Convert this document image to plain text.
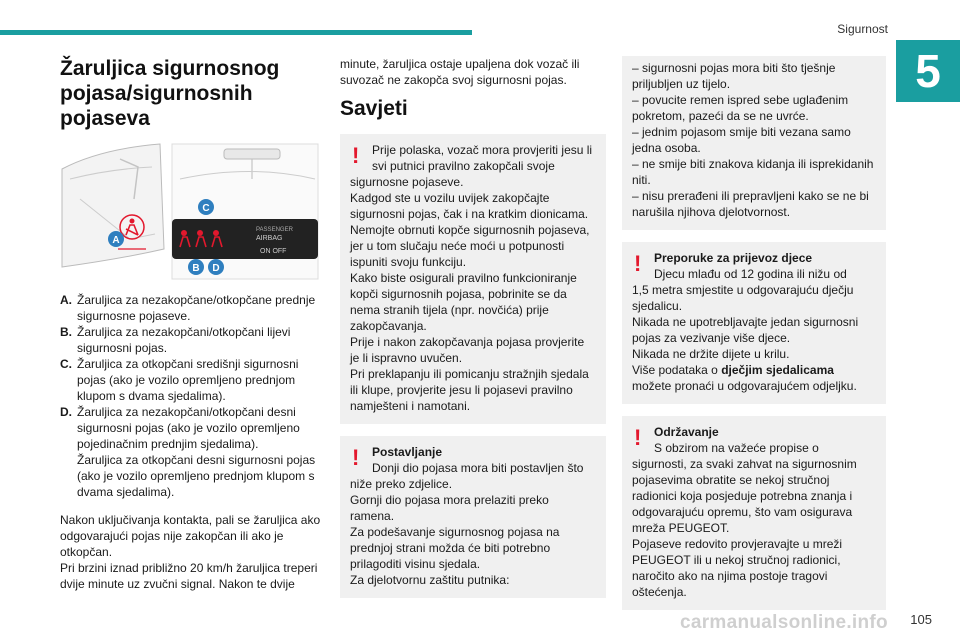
Sigurnost
5
Žaruljica sigurnosnog pojasa/sigurnosnih pojaseva
PASSENGER
AIRBAG
ON OFF
A
B
C
D
A. Žaruljica za nezakopčane/otkopčane prednje sigurnosne pojaseve.
B. Žaruljica za nezakopčani/otkopčani lijevi sigurnosni pojas.
C. Žaruljica za otkopčani središnji sigurnosni pojas (ako je vozilo opremljeno prednjom klupom s dvama sjedalima).
D. Žaruljica za nezakopčani/otkopčani desni sigurnosni pojas (ako je vozilo opremljeno pojedinačnim prednjim sjedalima).
Žaruljica za otkopčani desni sigurnosni pojas (ako je vozilo opremljeno prednjom klupom s dvama sjedalima).

Nakon uključivanja kontakta, pali se žaruljica ako odgovarajući pojas nije zakopčan ili ako je otkopčan.
Pri brzini iznad približno 20 km/h žaruljica treperi dvije minute uz zvučni signal. Nakon te dvije

minute, žaruljica ostaje upaljena dok vozač ili suvozač ne zakopča svoj sigurnosni pojas.

Savjeti
!	Prije polaska, vozač mora provjeriti jesu li svi putnici pravilno zakopčali svoje
sigurnosne pojaseve.
Kadgod ste u vozilu uvijek zakopčajte sigurnosni pojas, čak i na kratkim dionicama.
Nemojte obrnuti kopče sigurnosnih pojaseva, jer u tom slučaju neće moći u potpunosti ispuniti svoju funkciju.
Kako biste osigurali pravilno funkcioniranje kopči sigurnosnih pojasa, pobrinite se da nema stranih tijela (npr. novčića) prije zakopčavanja.
Prije i nakon zakopčavanja pojasa provjerite je li ispravno uvučen.
Pri preklapanju ili pomicanju stražnjih sjedala ili klupe, provjerite jesu li pojasevi pravilno namješteni i namotani.
!	Postavljanje
Donji dio pojasa mora biti postavljen što
niže preko zdjelice.
Gornji dio pojasa mora prelaziti preko ramena.
Za podešavanje sigurnosnog pojasa na prednjoj strani možda će biti potrebno prilagoditi visinu sjedala.
Za djelotvornu zaštitu putnika:
– sigurnosni pojas mora biti što tješnje priljubljen uz tijelo.
– povucite remen ispred sebe uglađenim pokretom, pazeći da se ne uvrće.
– jednim pojasom smije biti vezana samo jedna osoba.
– ne smije biti znakova kidanja ili isprekidanih niti.
– nisu prerađeni ili prepravljeni kako se ne bi narušila njihova djelotvornost.
!	Preporuke za prijevoz djece
Djecu mlađu od 12 godina ili nižu od
1,5 metra smjestite u odgovarajuću dječju sjedalicu.
Nikada ne upotrebljavajte jedan sigurnosni pojas za vezivanje više djece.
Nikada ne držite dijete u krilu.
Više podataka o dječjim sjedalicama možete pronaći u odgovarajućem odjeljku.
!	Održavanje
S obzirom na važeće propise o
sigurnosti, za svaki zahvat na sigurnosnim pojasevima obratite se nekoj stručnoj radionici koja posjeduje potrebna znanja i odgovarajuću opremu, što vam osigurava mreža PEUGEOT.
Pojaseve redovito provjeravajte u mreži PEUGEOT ili u nekoj stručnoj radionici, naročito ako na njima postoje tragovi oštećenja.
carmanualsonline.info 105
